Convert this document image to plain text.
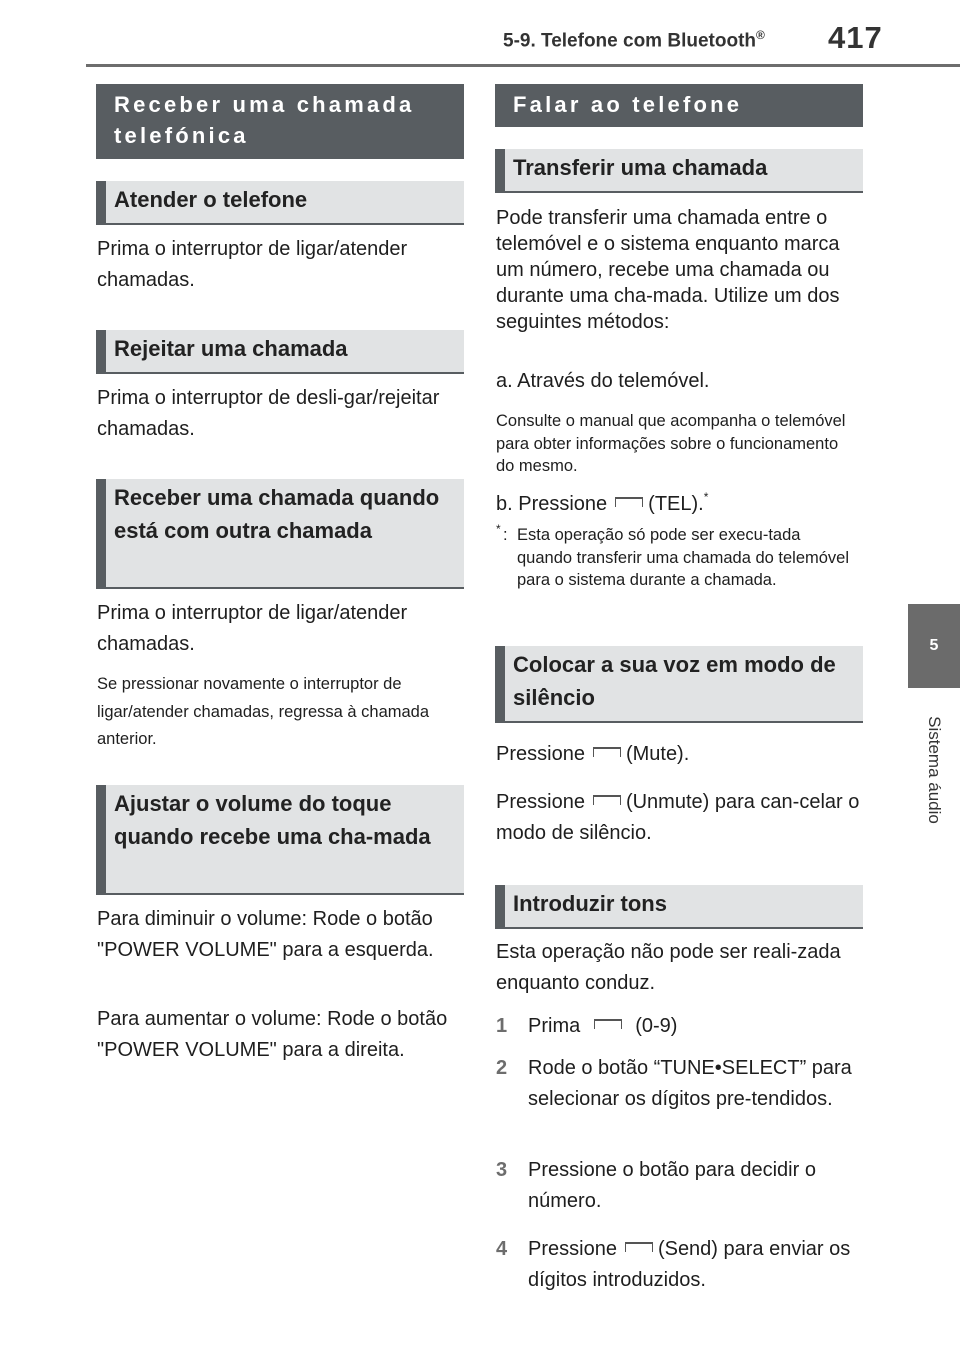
5-9. Telefone com Bluetooth® 417
5
Sistema áudio
Receber uma chamada telefónica
Atender o telefone
Prima o interruptor de ligar/atender chamadas.
Rejeitar uma chamada
Prima o interruptor de desli-gar/rejeitar chamadas.
Receber uma chamada quando está com outra chamada
Prima o interruptor de ligar/atender chamadas.
Se pressionar novamente o interruptor de ligar/atender chamadas, regressa à chamada anterior.
Ajustar o volume do toque quando recebe uma cha-mada
Para diminuir o volume: Rode o botão "POWER VOLUME" para a esquerda.
Para aumentar o volume: Rode o botão "POWER VOLUME" para a direita.
Falar ao telefone
Transferir uma chamada
Pode transferir uma chamada entre o telemóvel e o sistema enquanto marca um número, recebe uma chamada ou durante uma cha-mada. Utilize um dos seguintes métodos:
a. Através do telemóvel.
Consulte o manual que acompanha o telemóvel para obter informações sobre o funcionamento do mesmo.
b. Pressione (TEL).*
* : Esta operação só pode ser execu-tada quando transferir uma chamada do telemóvel para o sistema durante a chamada.
Colocar a sua voz em modo de silêncio
Pressione (Mute).
Pressione (Unmute) para can-celar o modo de silêncio.
Introduzir tons
Esta operação não pode ser reali-zada enquanto conduz.
1 Prima	(0-9)
2 Rode o botão “TUNE•SELECT” para selecionar os dígitos pre-tendidos.
3 Pressione o botão para decidir o número.
4 Pressione (Send) para enviar os dígitos introduzidos.
